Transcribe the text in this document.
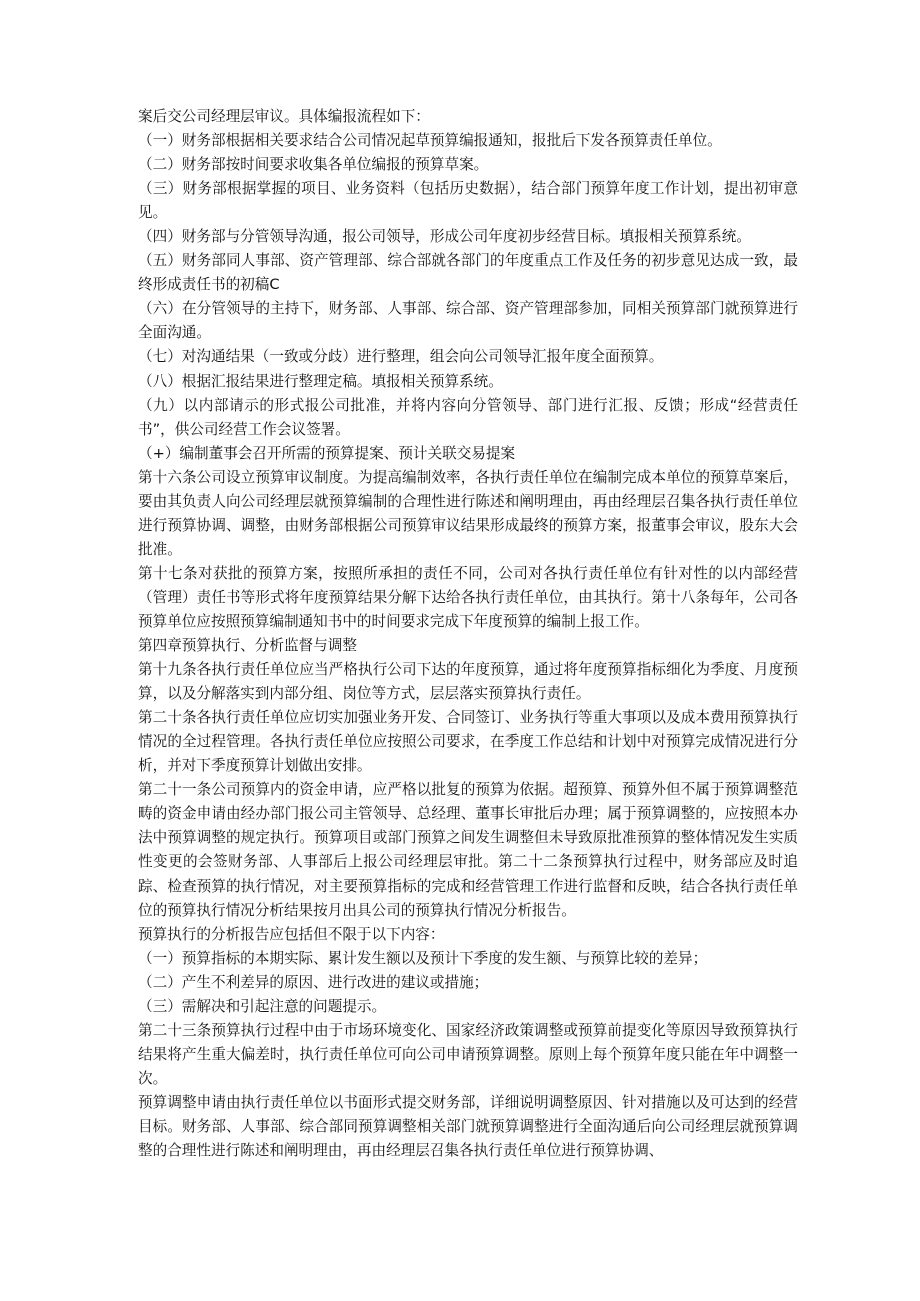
案后交公司经理层审议。具体编报流程如下：

（一）财务部根据相关要求结合公司情况起草预算编报通知，报批后下发各预算责任单位。

（二）财务部按时间要求收集各单位编报的预算草案。

（三）财务部根据掌握的项目、业务资料（包括历史数据），结合部门预算年度工作计划，提出初审意见。

（四）财务部与分管领导沟通，报公司领导，形成公司年度初步经营目标。填报相关预算系统。

（五）财务部同人事部、资产管理部、综合部就各部门的年度重点工作及任务的初步意见达成一致，最终形成责任书的初稿C

（六）在分管领导的主持下，财务部、人事部、综合部、资产管理部参加，同相关预算部门就预算进行全面沟通。

（七）对沟通结果（一致或分歧）进行整理，组会向公司领导汇报年度全面预算。

（八）根据汇报结果进行整理定稿。填报相关预算系统。

（九）以内部请示的形式报公司批准，并将内容向分管领导、部门进行汇报、反馈；形成“经营责任书”，供公司经营工作会议签署。

（+）编制董事会召开所需的预算提案、预计关联交易提案

第十六条公司设立预算审议制度。为提高编制效率，各执行责任单位在编制完成本单位的预算草案后，要由其负责人向公司经理层就预算编制的合理性进行陈述和阐明理由，再由经理层召集各执行责任单位进行预算协调、调整，由财务部根据公司预算审议结果形成最终的预算方案，报董事会审议，股东大会批准。

第十七条对获批的预算方案，按照所承担的责任不同，公司对各执行责任单位有针对性的以内部经营（管理）责任书等形式将年度预算结果分解下达给各执行责任单位，由其执行。第十八条每年，公司各预算单位应按照预算编制通知书中的时间要求完成下年度预算的编制上报工作。

第四章预算执行、分析监督与调整

第十九条各执行责任单位应当严格执行公司下达的年度预算，通过将年度预算指标细化为季度、月度预算，以及分解落实到内部分组、岗位等方式，层层落实预算执行责任。

第二十条各执行责任单位应切实加强业务开发、合同签订、业务执行等重大事项以及成本费用预算执行情况的全过程管理。各执行责任单位应按照公司要求，在季度工作总结和计划中对预算完成情况进行分析，并对下季度预算计划做出安排。

第二十一条公司预算内的资金申请，应严格以批复的预算为依据。超预算、预算外但不属于预算调整范畴的资金申请由经办部门报公司主管领导、总经理、董事长审批后办理；属于预算调整的，应按照本办法中预算调整的规定执行。预算项目或部门预算之间发生调整但未导致原批准预算的整体情况发生实质性变更的会签财务部、人事部后上报公司经理层审批。第二十二条预算执行过程中，财务部应及时追踪、检查预算的执行情况，对主要预算指标的完成和经营管理工作进行监督和反映，结合各执行责任单位的预算执行情况分析结果按月出具公司的预算执行情况分析报告。

预算执行的分析报告应包括但不限于以下内容：

（一）预算指标的本期实际、累计发生额以及预计下季度的发生额、与预算比较的差异；

（二）产生不利差异的原因、进行改进的建议或措施；

（三）需解决和引起注意的问题提示。

第二十三条预算执行过程中由于市场环境变化、国家经济政策调整或预算前提变化等原因导致预算执行结果将产生重大偏差时，执行责任单位可向公司申请预算调整。原则上每个预算年度只能在年中调整一次。

预算调整申请由执行责任单位以书面形式提交财务部，详细说明调整原因、针对措施以及可达到的经营目标。财务部、人事部、综合部同预算调整相关部门就预算调整进行全面沟通后向公司经理层就预算调整的合理性进行陈述和阐明理由，再由经理层召集各执行责任单位进行预算协调、
